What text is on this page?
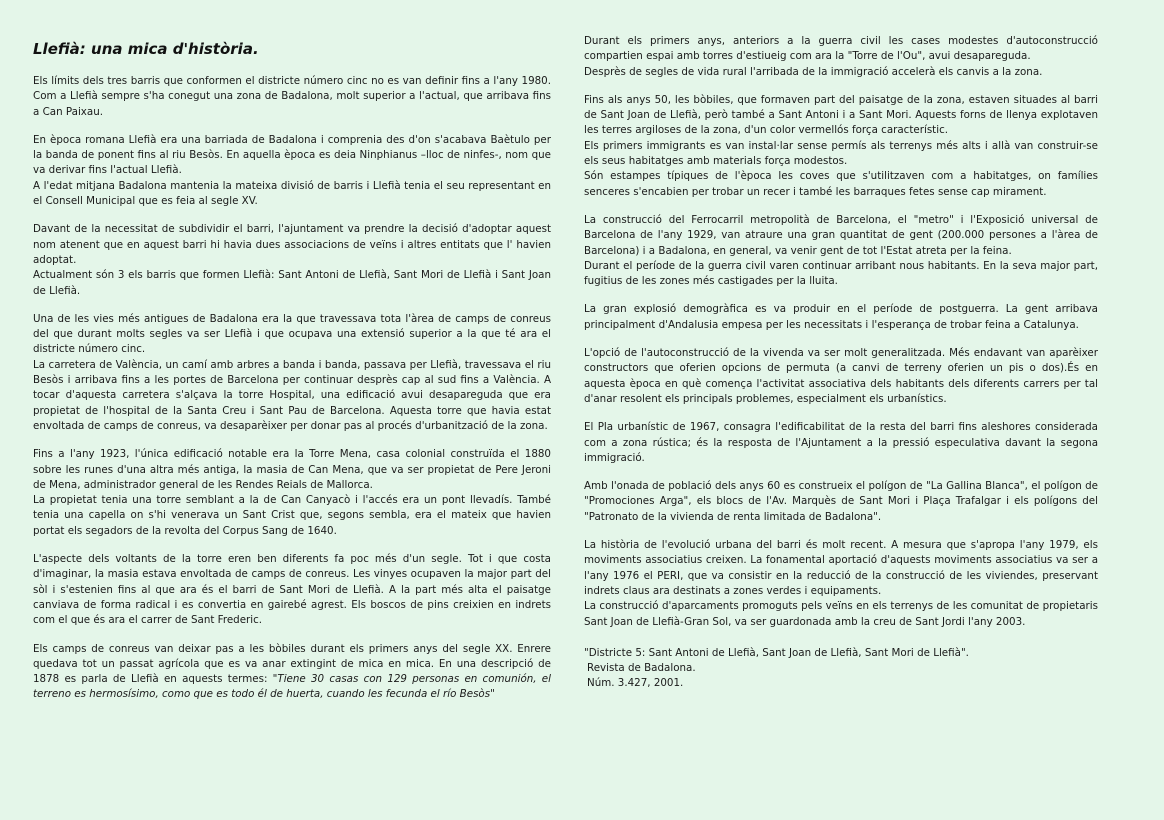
Llefià: una mica d'història.
Els límits dels tres barris que conformen el districte número cinc no es van definir fins a l'any 1980. Com a Llefià sempre s'ha conegut una zona de Badalona, molt superior a l'actual, que arribava fins a Can Paixau.
En època romana Llefià era una barriada de Badalona i comprenia des d'on s'acabava Baètulo per la banda de ponent fins al riu Besòs. En aquella època es deia Ninphianus –lloc de ninfes-, nom que va derivar fins l'actual Llefià.
A l'edat mitjana Badalona mantenia la mateixa divisió de barris i Llefià tenia el seu representant en el Consell Municipal que es feia al segle XV.
Davant de la necessitat de subdividir el barri, l'ajuntament va prendre la decisió d'adoptar aquest nom atenent que en aquest barri hi havia dues associacions de veïns i altres entitats que l' havien adoptat.
Actualment són 3 els barris que formen Llefià: Sant Antoni de Llefià, Sant Mori de Llefià i Sant Joan de Llefià.
Una de les vies més antigues de Badalona era la que travessava tota l'àrea de camps de conreus del que durant molts segles va ser Llefià i que ocupava una extensió superior a la que té ara el districte número cinc.
La carretera de València, un camí amb arbres a banda i banda, passava per Llefià, travessava el riu Besòs i arribava fins a les portes de Barcelona per continuar desprès cap al sud fins a València. A tocar d'aquesta carretera s'alçava la torre Hospital, una edificació avui desapareguda que era propietat de l'hospital de la Santa Creu i Sant Pau de Barcelona. Aquesta torre que havia estat envoltada de camps de conreus, va desaparèixer per donar pas al procés d'urbanització de la zona.
Fins a l'any 1923, l'única edificació notable era la Torre Mena, casa colonial construïda el 1880 sobre les runes d'una altra més antiga, la masia de Can Mena, que va ser propietat de Pere Jeroni de Mena, administrador general de les Rendes Reials de Mallorca.
La propietat tenia una torre semblant a la de Can Canyacò i l'accés era un pont llevadís. També tenia una capella on s'hi venerava un Sant Crist que, segons sembla, era el mateix que havien portat els segadors de la revolta del Corpus Sang de 1640.
L'aspecte dels voltants de la torre eren ben diferents fa poc més d'un segle. Tot i que costa d'imaginar, la masia estava envoltada de camps de conreus. Les vinyes ocupaven la major part del sòl i s'estenien fins al que ara és el barri de Sant Mori de Llefià. A la part més alta el paisatge canviava de forma radical i es convertia en gairebé agrest. Els boscos de pins creixien en indrets com el que és ara el carrer de Sant Frederic.
Els camps de conreus van deixar pas a les bòbiles durant els primers anys del segle XX. Enrere quedava tot un passat agrícola que es va anar extingint de mica en mica. En una descripció de 1878 es parla de Llefià en aquests termes: "Tiene 30 casas con 129 personas en comunión, el terreno es hermosísimo, como que es todo él de huerta, cuando les fecunda el río Besòs"
Durant els primers anys, anteriors a la guerra civil les cases modestes d'autoconstrucció compartien espai amb torres d'estiueig com ara la "Torre de l'Ou", avui desapareguda.
Desprès de segles de vida rural l'arribada de la immigració accelerà els canvis a la zona.
Fins als anys 50, les bòbiles, que formaven part del paisatge de la zona, estaven situades al barri de Sant Joan de Llefià, però també a Sant Antoni i a Sant Mori. Aquests forns de llenya explotaven les terres argiloses de la zona, d'un color vermellós força característic.
Els primers immigrants es van instal·lar sense permís als terrenys més alts i allà van construir-se els seus habitatges amb materials força modestos.
Són estampes típiques de l'època les coves que s'utilitzaven com a habitatges, on famílies senceres s'encabien per trobar un recer i també les barraques fetes sense cap mirament.
La construcció del Ferrocarril metropolità de Barcelona, el "metro" i l'Exposició universal de Barcelona de l'any 1929, van atraure una gran quantitat de gent (200.000 persones a l'àrea de Barcelona) i a Badalona, en general, va venir gent de tot l'Estat atreta per la feina.
Durant el període de la guerra civil varen continuar arribant nous habitants. En la seva major part, fugitius de les zones més castigades per la lluita.
La gran explosió demogràfica es va produir en el període de postguerra. La gent arribava principalment d'Andalusia empesa per les necessitats i l'esperança de trobar feina a Catalunya.
L'opció de l'autoconstrucció de la vivenda va ser molt generalitzada. Més endavant van aparèixer constructors que oferien opcions de permuta (a canvi de terreny oferien un pis o dos).És en aquesta època en què comença l'activitat associativa dels habitants dels diferents carrers per tal d'anar resolent els principals problemes, especialment els urbanístics.
El Pla urbanístic de 1967, consagra l'edificabilitat de la resta del barri fins aleshores considerada com a zona rústica; és la resposta de l'Ajuntament a la pressió especulativa davant la segona immigració.
Amb l'onada de població dels anys 60 es construeix el polígon de "La Gallina Blanca", el polígon de "Promociones Arga", els blocs de l'Av. Marquès de Sant Mori i Plaça Trafalgar i els polígons del "Patronato de la vivienda de renta limitada de Badalona".
La història de l'evolució urbana del barri és molt recent. A mesura que s'apropa l'any 1979, els moviments associatius creixen. La fonamental aportació d'aquests moviments associatius va ser a l'any 1976 el PERI, que va consistir en la reducció de la construcció de les viviendes, preservant indrets claus ara destinats a zones verdes i equipaments.
La construcció d'aparcaments promoguts pels veïns en els terrenys de les comunitat de propietaris Sant Joan de Llefià-Gran Sol, va ser guardonada amb la creu de Sant Jordi l'any 2003.
"Districte 5: Sant Antoni de Llefià, Sant Joan de Llefià, Sant Mori de Llefià".
Revista de Badalona.
Núm. 3.427, 2001.
